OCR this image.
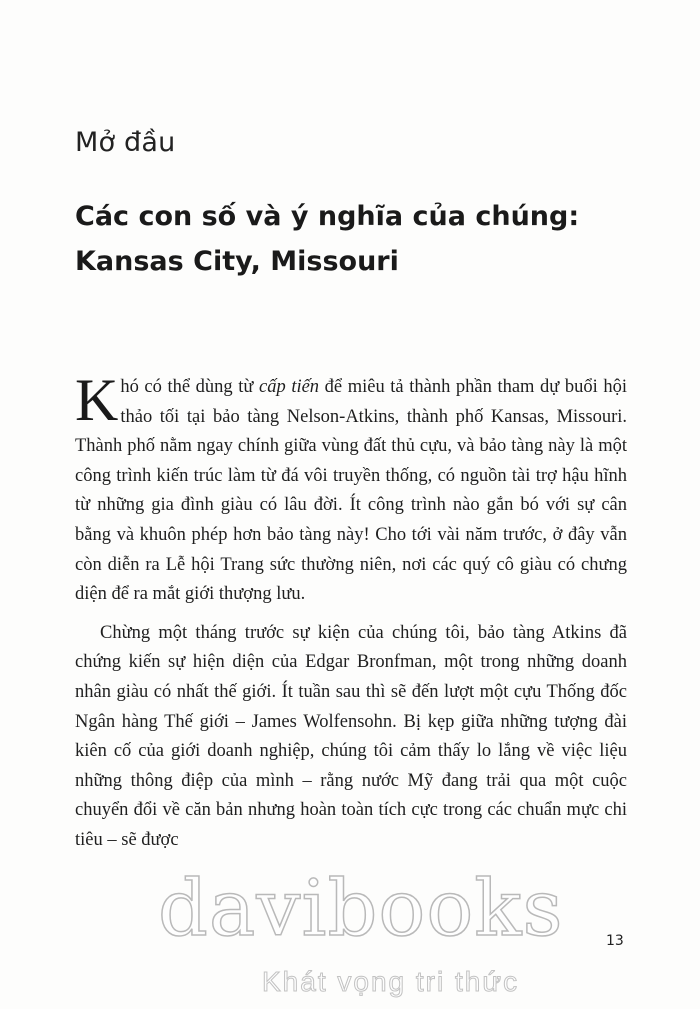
Mở đầu
Các con số và ý nghĩa của chúng:
Kansas City, Missouri

Khó có thể dùng từ cấp tiến để miêu tả thành phần tham dự buổi hội thảo tối tại bảo tàng Nelson-Atkins, thành phố Kansas, Missouri. Thành phố nằm ngay chính giữa vùng đất thủ cựu, và bảo tàng này là một công trình kiến trúc làm từ đá vôi truyền thống, có nguồn tài trợ hậu hĩnh từ những gia đình giàu có lâu đời. Ít công trình nào gắn bó với sự cân bằng và khuôn phép hơn bảo tàng này! Cho tới vài năm trước, ở đây vẫn còn diễn ra Lễ hội Trang sức thường niên, nơi các quý cô giàu có chưng diện để ra mắt giới thượng lưu.

Chừng một tháng trước sự kiện của chúng tôi, bảo tàng Atkins đã chứng kiến sự hiện diện của Edgar Bronfman, một trong những doanh nhân giàu có nhất thế giới. Ít tuần sau thì sẽ đến lượt một cựu Thống đốc Ngân hàng Thế giới – James Wolfensohn. Bị kẹp giữa những tượng đài kiên cố của giới doanh nghiệp, chúng tôi cảm thấy lo lắng về việc liệu những thông điệp của mình – rằng nước Mỹ đang trải qua một cuộc chuyển đổi về căn bản nhưng hoàn toàn tích cực trong các chuẩn mực chi tiêu – sẽ được

13
davibooks
Khát vọng tri thức
